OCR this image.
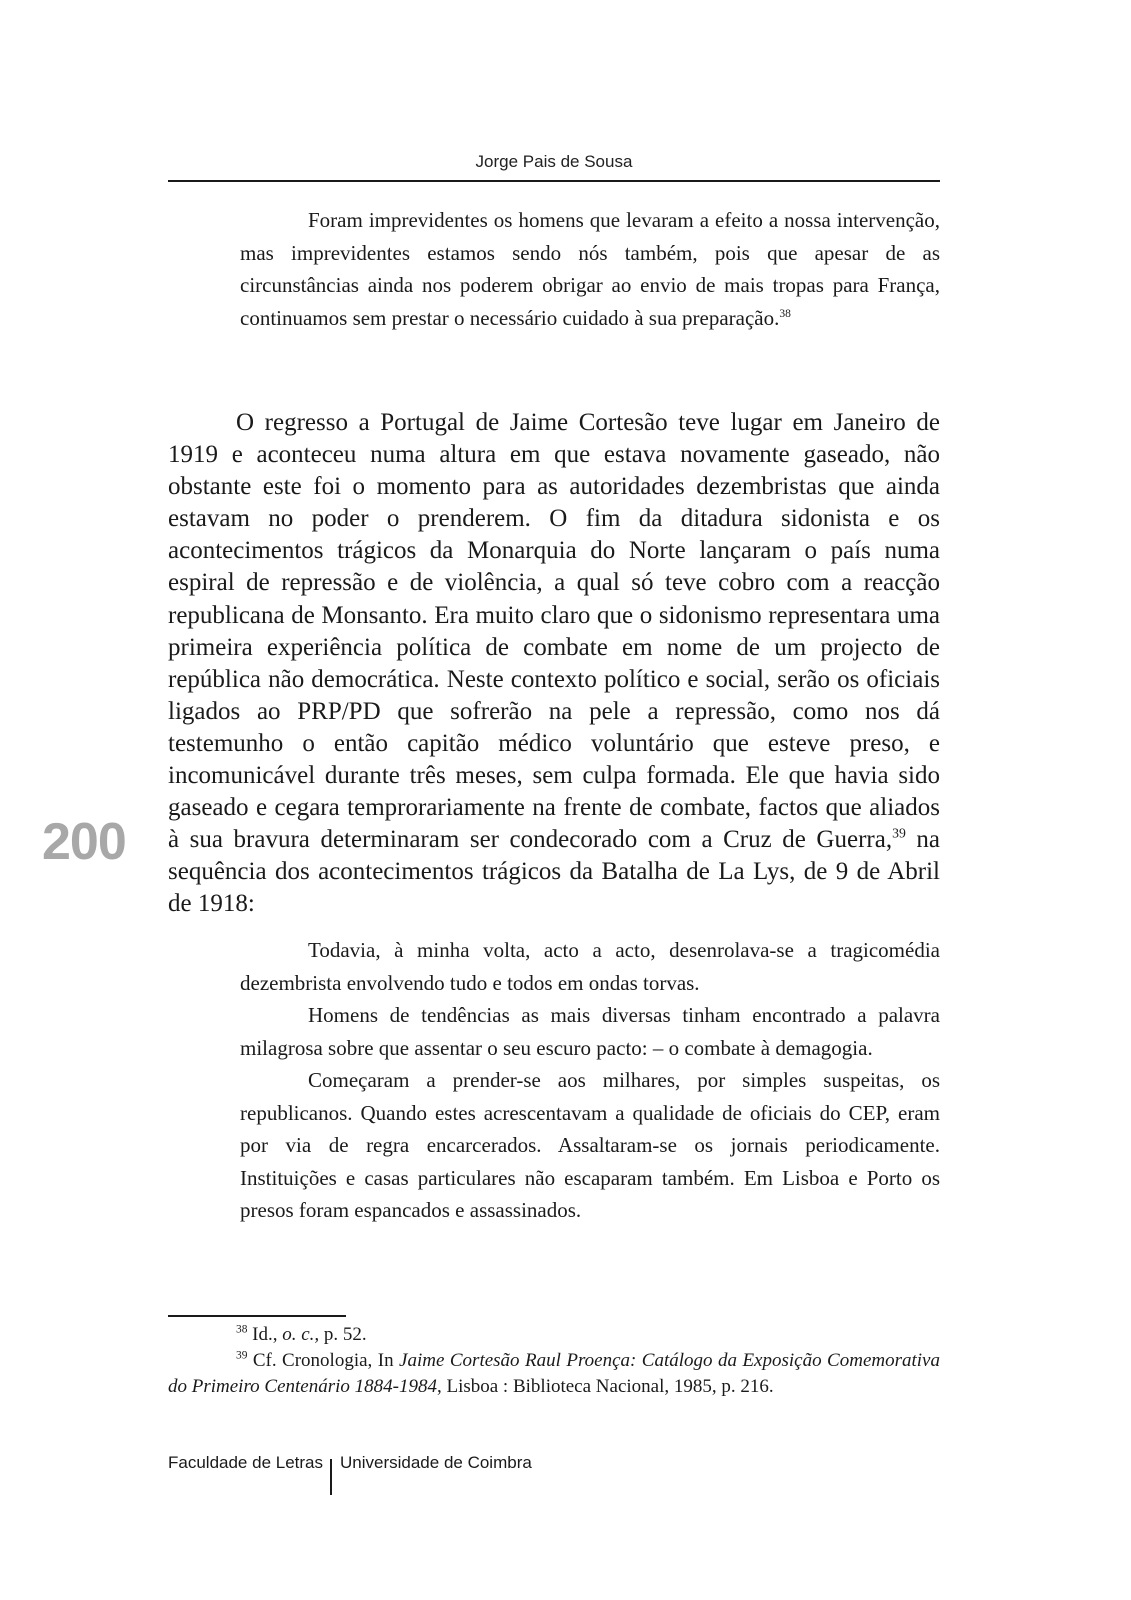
Jorge Pais de Sousa

Foram imprevidentes os homens que levaram a efeito a nossa intervenção, mas imprevidentes estamos sendo nós também, pois que apesar de as circunstâncias ainda nos poderem obrigar ao envio de mais tropas para França, continuamos sem prestar o necessário cuidado à sua preparação.$^{38}$

O regresso a Portugal de Jaime Cortesão teve lugar em Janeiro de 1919 e aconteceu numa altura em que estava novamente gaseado, não obstante este foi o momento para as autoridades dezembristas que ainda estavam no poder o prenderem. O fim da ditadura sidonista e os acontecimentos trágicos da Monarquia do Norte lançaram o país numa espiral de repressão e de violência, a qual só teve cobro com a reacção republicana de Monsanto. Era muito claro que o sidonismo representara uma primeira experiência política de combate em nome de um projecto de república não democrática. Neste contexto político e social, serão os oficiais ligados ao PRP/PD que sofrerão na pele a repressão, como nos dá testemunho o então capitão médico voluntário que esteve preso, e incomunicável durante três meses, sem culpa formada. Ele que havia sido gaseado e cegara temprorariamente na frente de combate, factos que aliados à sua bravura determinaram ser condecorado com a Cruz de Guerra,$^{39}$ na sequência dos acontecimentos trágicos da Batalha de La Lys, de 9 de Abril de 1918:

200

Todavia, à minha volta, acto a acto, desenrolava-se a tragicomédia dezembrista envolvendo tudo e todos em ondas torvas.

Homens de tendências as mais diversas tinham encontrado a palavra milagrosa sobre que assentar o seu escuro pacto: – o combate à demagogia.

Começaram a prender-se aos milhares, por simples suspeitas, os republicanos. Quando estes acrescentavam a qualidade de oficiais do CEP, eram por via de regra encarcerados. Assaltaram-se os jornais periodicamente. Instituições e casas particulares não escaparam também. Em Lisboa e Porto os presos foram espancados e assassinados.

$^{38}$ Id., o. c., p. 52.

$^{39}$ Cf. Cronologia, In Jaime Cortesão Raul Proença: Catálogo da Exposição Comemorativa do Primeiro Centenário 1884-1984, Lisboa : Biblioteca Nacional, 1985, p. 216.

Faculdade de Letras Universidade de Coimbra
